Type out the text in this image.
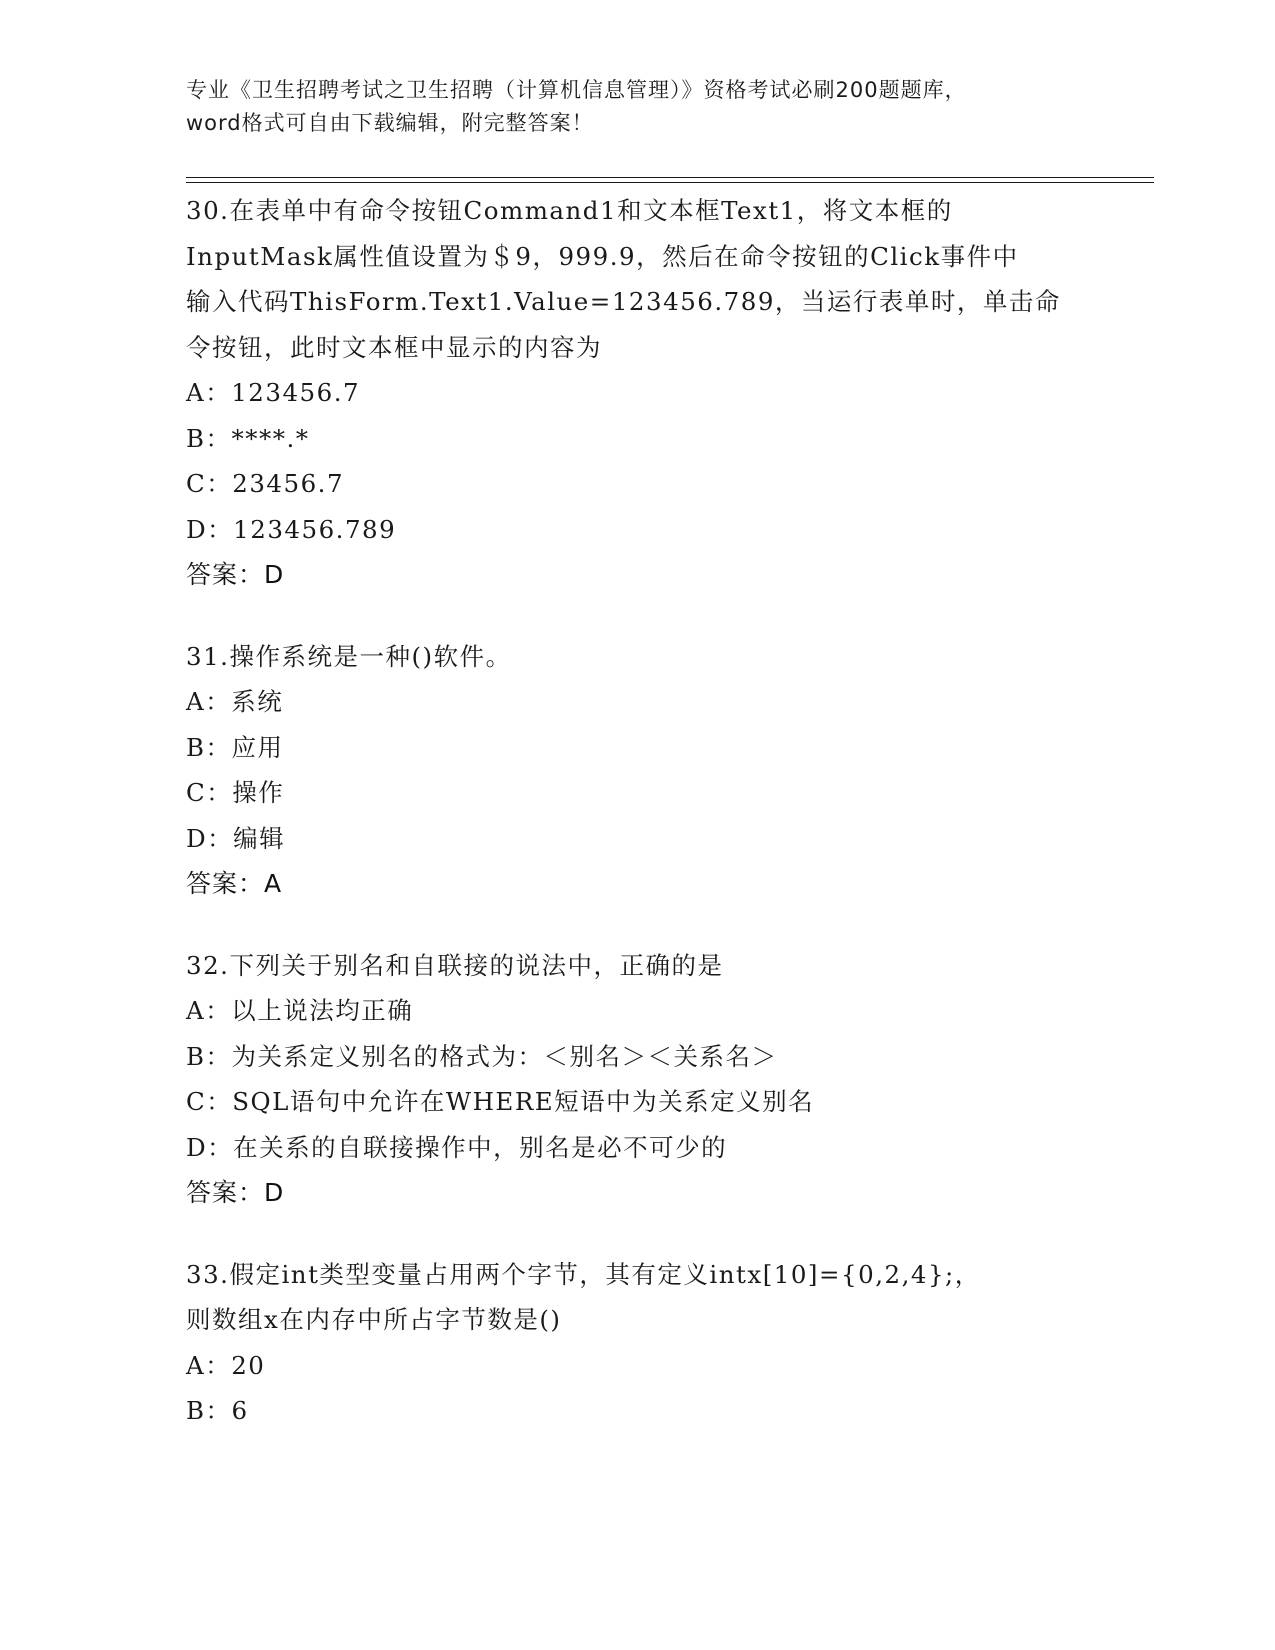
专业《卫生招聘考试之卫生招聘（计算机信息管理）》资格考试必刷200题题库，
word格式可自由下载编辑，附完整答案！

30.在表单中有命令按钮Command1和文本框Text1，将文本框的

InputMask属性值设置为＄9，999.9，然后在命令按钮的Click事件中

输入代码ThisForm.Text1.Value=123456.789，当运行表单时，单击命

令按钮，此时文本框中显示的内容为

A：123456.7

B：****.*

C：23456.7

D：123456.789

答案：D

31.操作系统是一种()软件。

A：系统

B：应用

C：操作

D：编辑

答案：A

32.下列关于别名和自联接的说法中，正确的是

A：以上说法均正确

B：为关系定义别名的格式为：＜别名＞＜关系名＞

C：SQL语句中允许在WHERE短语中为关系定义别名

D：在关系的自联接操作中，别名是必不可少的

答案：D

33.假定int类型变量占用两个字节，其有定义intx[10]={0,2,4};，

则数组x在内存中所占字节数是()

A：20

B：6
